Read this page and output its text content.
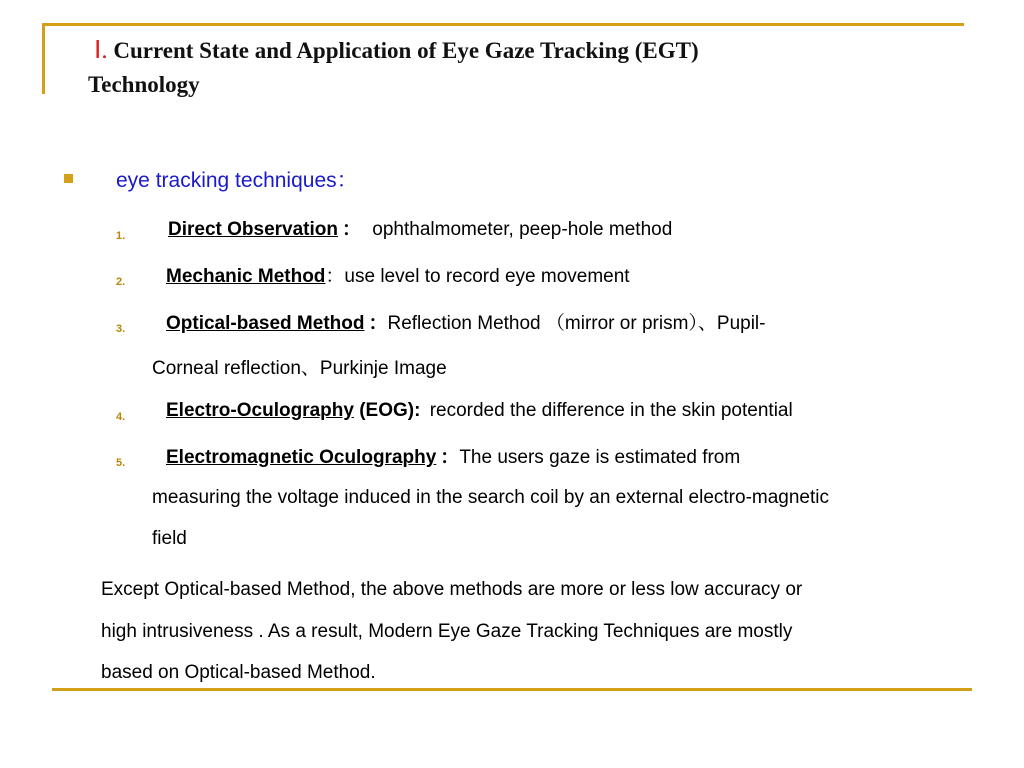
Ⅰ. Current State and Application of Eye Gaze Tracking (EGT)
Technology
eye tracking techniques：
1. Direct Observation ： ophthalmometer, peep-hole method
2. Mechanic Method：use level to record eye movement
3. Optical-based Method ：Reflection Method （mirror or prism）、Pupil-
Corneal reflection、Purkinje Image
4. Electro-Oculography (EOG): recorded the difference in the skin potential
5. Electromagnetic Oculography ：The users gaze is estimated from
measuring the voltage induced in the search coil by an external electro-magnetic
field
Except Optical-based Method, the above methods are more or less low accuracy or
high intrusiveness . As a result, Modern Eye Gaze Tracking Techniques are mostly
based on Optical-based Method.
